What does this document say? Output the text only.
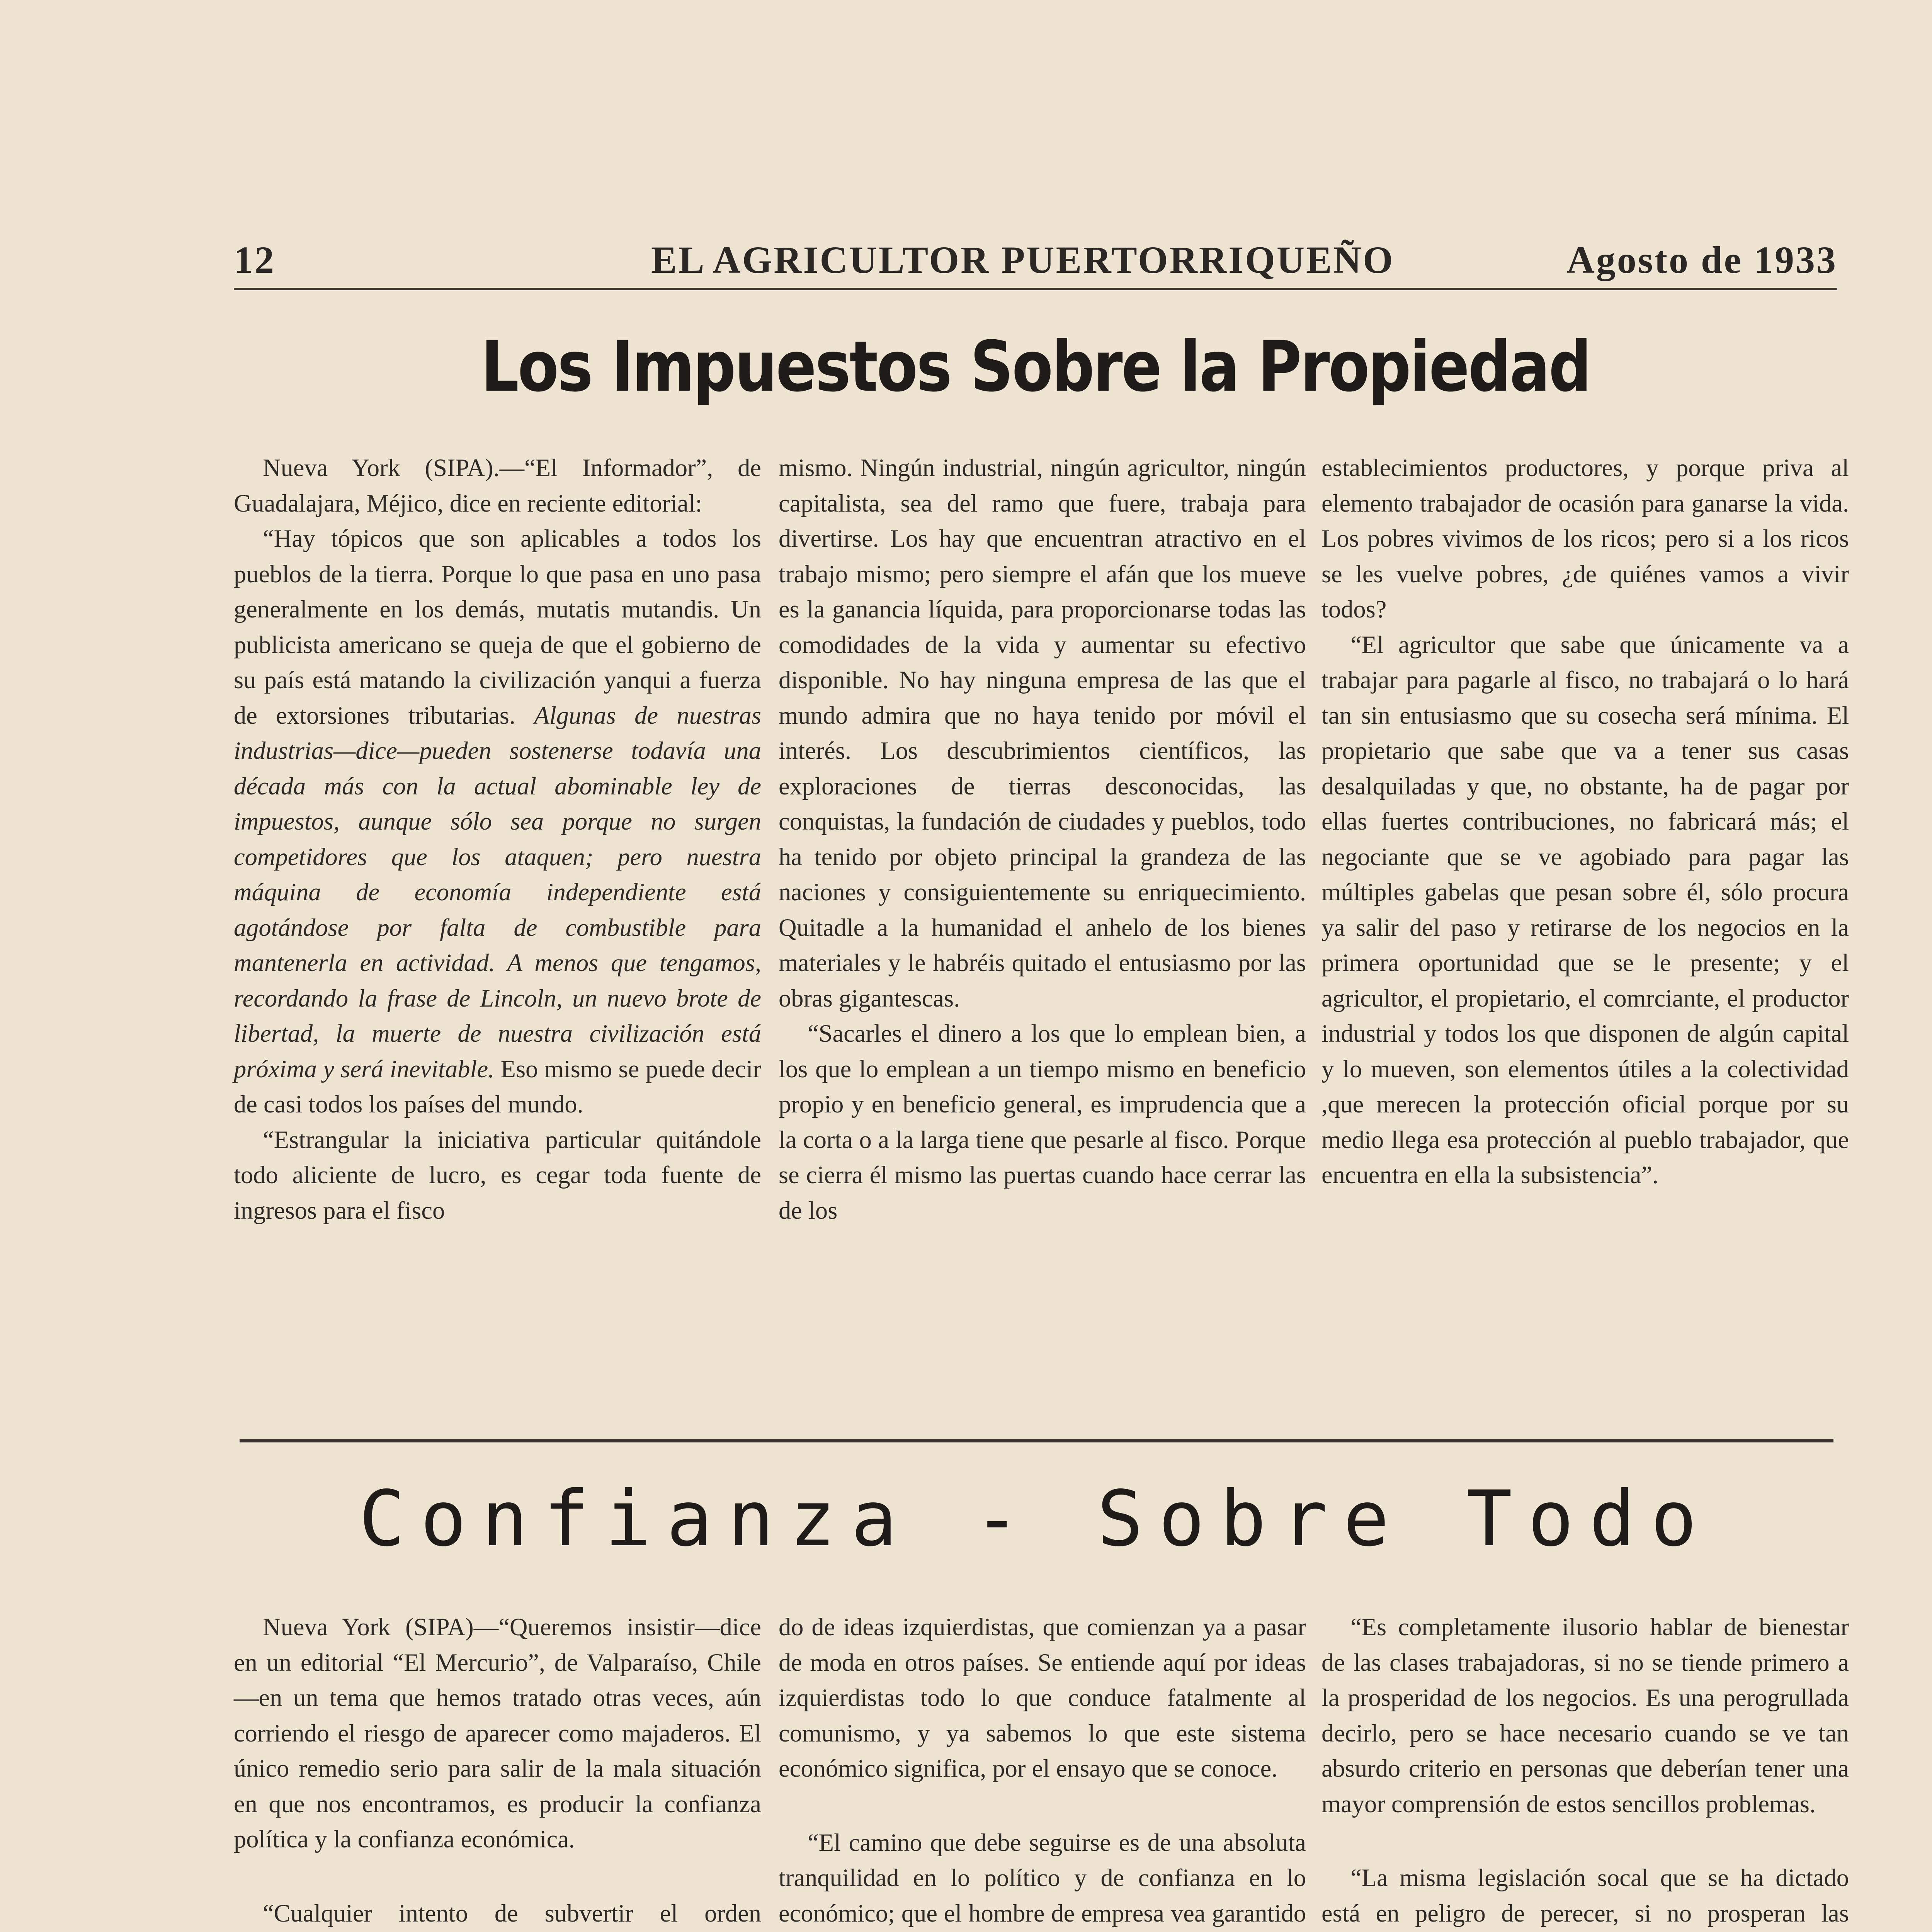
12	EL AGRICULTOR PUERTORRIQUEÑO	Agosto de 1933
Los Impuestos Sobre la Propiedad

Nueva York (SIPA).—“El Informador”, de Guadalajara, Méjico, dice en reciente editorial:

“Hay tópicos que son aplicables a todos los pueblos de la tierra. Porque lo que pasa en uno pasa generalmente en los demás, mutatis mutandis. Un publicista americano se queja de que el gobierno de su país está matando la civilización yanqui a fuerza de extorsiones tributarias. Algunas de nuestras industrias—dice—pueden sostenerse todavía una década más con la actual abominable ley de impuestos, aunque sólo sea porque no surgen competidores que los ataquen; pero nuestra máquina de economía independiente está agotándose por falta de combustible para mantenerla en actividad. A menos que tengamos, recordando la frase de Lincoln, un nuevo brote de libertad, la muerte de nuestra civilización está próxima y será inevitable. Eso mismo se puede decir de casi todos los países del mundo.

“Estrangular la iniciativa particular quitándole todo aliciente de lucro, es cegar toda fuente de ingresos para el fisco

mismo. Ningún industrial, ningún agricultor, ningún capitalista, sea del ramo que fuere, trabaja para divertirse. Los hay que encuentran atractivo en el trabajo mismo; pero siempre el afán que los mueve es la ganancia líquida, para proporcionarse todas las comodidades de la vida y aumentar su efectivo disponible. No hay ninguna empresa de las que el mundo admira que no haya tenido por móvil el interés. Los descubrimientos científicos, las exploraciones de tierras desconocidas, las conquistas, la fundación de ciudades y pueblos, todo ha tenido por objeto principal la grandeza de las naciones y consiguientemente su enriquecimiento. Quitadle a la humanidad el anhelo de los bienes materiales y le habréis quitado el entusiasmo por las obras gigantescas.

“Sacarles el dinero a los que lo emplean bien, a los que lo emplean a un tiempo mismo en beneficio propio y en beneficio general, es imprudencia que a la corta o a la larga tiene que pesarle al fisco. Porque se cierra él mismo las puertas cuando hace cerrar las de los

establecimientos productores, y porque priva al elemento trabajador de ocasión para ganarse la vida. Los pobres vivimos de los ricos; pero si a los ricos se les vuelve pobres, ¿de quiénes vamos a vivir todos?

“El agricultor que sabe que únicamente va a trabajar para pagarle al fisco, no trabajará o lo hará tan sin entusiasmo que su cosecha será mínima. El propietario que sabe que va a tener sus casas desalquiladas y que, no obstante, ha de pagar por ellas fuertes contribuciones, no fabricará más; el negociante que se ve agobiado para pagar las múltiples gabelas que pesan sobre él, sólo procura ya salir del paso y retirarse de los negocios en la primera oportunidad que se le presente; y el agricultor, el propietario, el comrciante, el productor industrial y todos los que disponen de algún capital y lo mueven, son elementos útiles a la colectividad ,que merecen la protección oficial porque por su medio llega esa protección al pueblo trabajador, que encuentra en ella la subsistencia”.

Confianza - Sobre Todo

Nueva York (SIPA)—“Queremos insistir—dice en un editorial “El Mercurio”, de Valparaíso, Chile—en un tema que hemos tratado otras veces, aún corriendo el riesgo de aparecer como majaderos. El único remedio serio para salir de la mala situación en que nos encontramos, es producir la confianza política y la confianza económica.

“Cualquier intento de subvertir el orden

do de ideas izquierdistas, que comienzan ya a pasar de moda en otros países. Se entiende aquí por ideas izquierdistas todo lo que conduce fatalmente al comunismo, y ya sabemos lo que este sistema económico significa, por el ensayo que se conoce.

“El camino que debe seguirse es de una absoluta tranquilidad en lo político y de confianza en lo económico; que el hombre de empresa vea garantido

“Es completamente ilusorio hablar de bienestar de las clases trabajadoras, si no se tiende primero a la prosperidad de los negocios. Es una perogrullada decirlo, pero se hace necesario cuando se ve tan absurdo criterio en personas que deberían tener una mayor comprensión de estos sencillos problemas.

“La misma legislación socal que se ha dictado está en peligro de perecer, si no prosperan las
